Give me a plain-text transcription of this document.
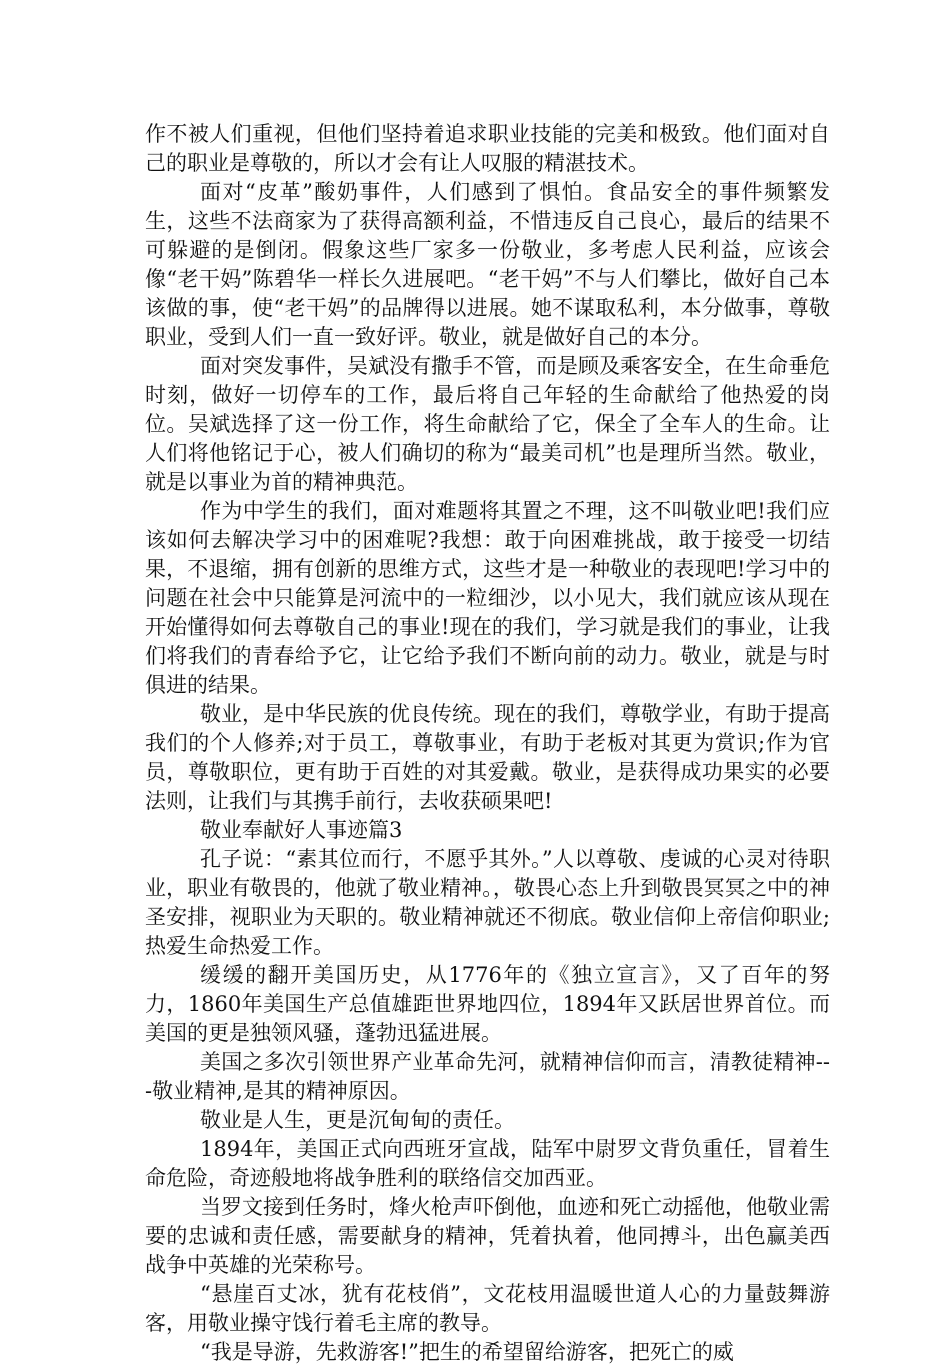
作不被人们重视，但他们坚持着追求职业技能的完美和极致。他们面对自己的职业是尊敬的，所以才会有让人叹服的精湛技术。

面对“皮革”酸奶事件，人们感到了惧怕。食品安全的事件频繁发生，这些不法商家为了获得高额利益，不惜违反自己良心，最后的结果不可躲避的是倒闭。假象这些厂家多一份敬业，多考虑人民利益，应该会像“老干妈”陈碧华一样长久进展吧。“老干妈”不与人们攀比，做好自己本该做的事，使“老干妈”的品牌得以进展。她不谋取私利，本分做事，尊敬职业，受到人们一直一致好评。敬业，就是做好自己的本分。

面对突发事件，吴斌没有撒手不管，而是顾及乘客安全，在生命垂危时刻，做好一切停车的工作，最后将自己年轻的生命献给了他热爱的岗位。吴斌选择了这一份工作，将生命献给了它，保全了全车人的生命。让人们将他铭记于心，被人们确切的称为“最美司机”也是理所当然。敬业，就是以事业为首的精神典范。

作为中学生的我们，面对难题将其置之不理，这不叫敬业吧!我们应该如何去解决学习中的困难呢?我想：敢于向困难挑战，敢于接受一切结果，不退缩，拥有创新的思维方式，这些才是一种敬业的表现吧!学习中的问题在社会中只能算是河流中的一粒细沙，以小见大，我们就应该从现在开始懂得如何去尊敬自己的事业!现在的我们，学习就是我们的事业，让我们将我们的青春给予它，让它给予我们不断向前的动力。敬业，就是与时俱进的结果。

敬业，是中华民族的优良传统。现在的我们，尊敬学业，有助于提高我们的个人修养;对于员工，尊敬事业，有助于老板对其更为赏识;作为官员，尊敬职位，更有助于百姓的对其爱戴。敬业，是获得成功果实的必要法则，让我们与其携手前行，去收获硕果吧!

敬业奉献好人事迹篇3

孔子说：“素其位而行，不愿乎其外。”人以尊敬、虔诚的心灵对待职业，职业有敬畏的，他就了敬业精神。，敬畏心态上升到敬畏冥冥之中的神圣安排，视职业为天职的。敬业精神就还不彻底。敬业信仰上帝信仰职业;热爱生命热爱工作。

缓缓的翻开美国历史，从1776年的《独立宣言》，又了百年的努力，1860年美国生产总值雄距世界地四位，1894年又跃居世界首位。而美国的更是独领风骚，蓬勃迅猛进展。

美国之多次引领世界产业革命先河，就精神信仰而言，清教徒精神---敬业精神,是其的精神原因。

敬业是人生，更是沉甸甸的责任。

1894年，美国正式向西班牙宣战，陆军中尉罗文背负重任，冒着生命危险，奇迹般地将战争胜利的联络信交加西亚。

当罗文接到任务时，烽火枪声吓倒他，血迹和死亡动摇他，他敬业需要的忠诚和责任感，需要献身的精神，凭着执着，他同搏斗，出色赢美西战争中英雄的光荣称号。

“悬崖百丈冰，犹有花枝俏”，文花枝用温暖世道人心的力量鼓舞游客，用敬业操守饯行着毛主席的教导。

“我是导游，先救游客!”把生的希望留给游客，把死亡的威
